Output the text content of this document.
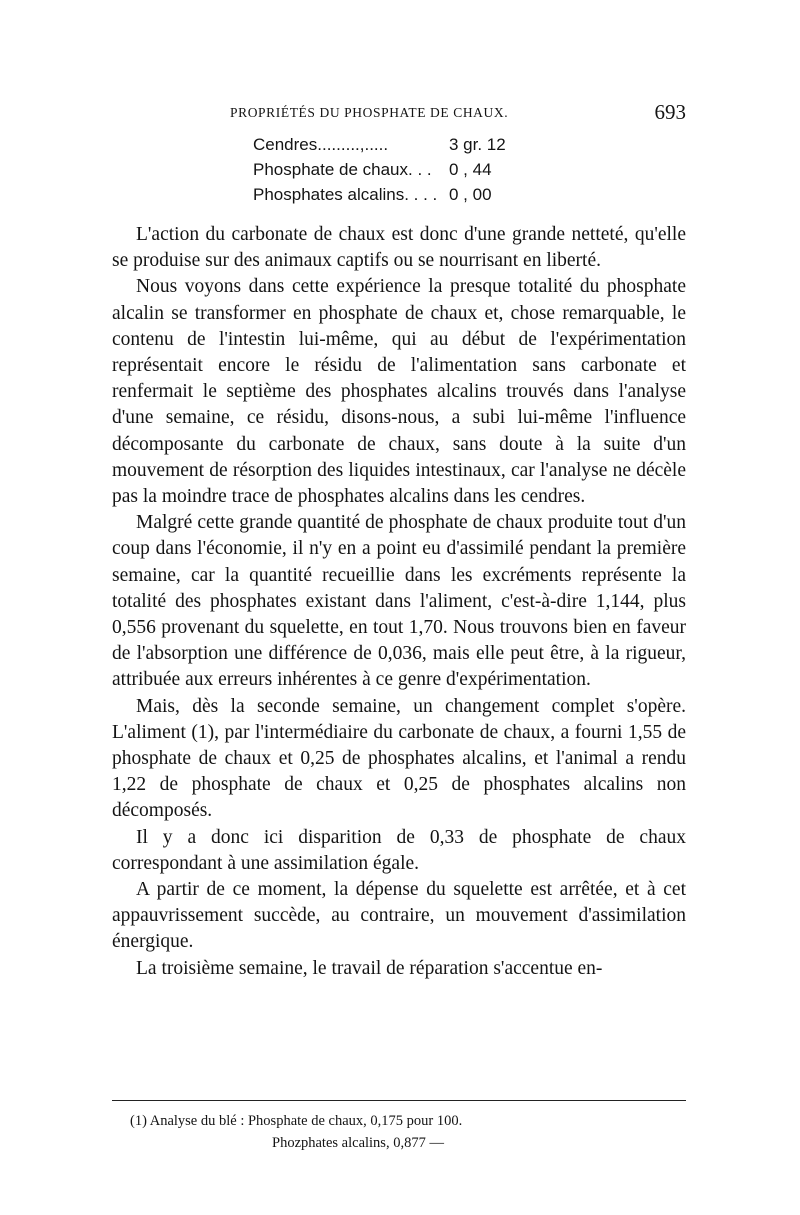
PROPRIÉTÉS DU PHOSPHATE DE CHAUX.	693
Cendres.........,.....	3 gr. 12
Phosphate de chaux. . . 0 , 44
Phosphates alcalins. . . . 0 , 00

L'action du carbonate de chaux est donc d'une grande netteté, qu'elle se produise sur des animaux captifs ou se nourrisant en liberté.

Nous voyons dans cette expérience la presque totalité du phosphate alcalin se transformer en phosphate de chaux et, chose remarquable, le contenu de l'intestin lui-même, qui au début de l'expérimentation représentait encore le résidu de l'alimentation sans carbonate et renfermait le septième des phosphates alcalins trouvés dans l'analyse d'une semaine, ce résidu, disons-nous, a subi lui-même l'influence décomposante du carbonate de chaux, sans doute à la suite d'un mouvement de résorption des liquides intestinaux, car l'analyse ne décèle pas la moindre trace de phosphates alcalins dans les cendres.

Malgré cette grande quantité de phosphate de chaux produite tout d'un coup dans l'économie, il n'y en a point eu d'assimilé pendant la première semaine, car la quantité recueillie dans les excréments représente la totalité des phosphates existant dans l'aliment, c'est-à-dire 1,144, plus 0,556 provenant du squelette, en tout 1,70. Nous trouvons bien en faveur de l'absorption une différence de 0,036, mais elle peut être, à la rigueur, attribuée aux erreurs inhérentes à ce genre d'expérimentation.

Mais, dès la seconde semaine, un changement complet s'opère. L'aliment (1), par l'intermédiaire du carbonate de chaux, a fourni 1,55 de phosphate de chaux et 0,25 de phosphates alcalins, et l'animal a rendu 1,22 de phosphate de chaux et 0,25 de phosphates alcalins non décomposés.

Il y a donc ici disparition de 0,33 de phosphate de chaux correspondant à une assimilation égale.

A partir de ce moment, la dépense du squelette est arrêtée, et à cet appauvrissement succède, au contraire, un mouvement d'assimilation énergique.

La troisième semaine, le travail de réparation s'accentue en-

(1) Analyse du blé : Phosphate de chaux, 0,175 pour 100.
Phozphates alcalins, 0,877 —
